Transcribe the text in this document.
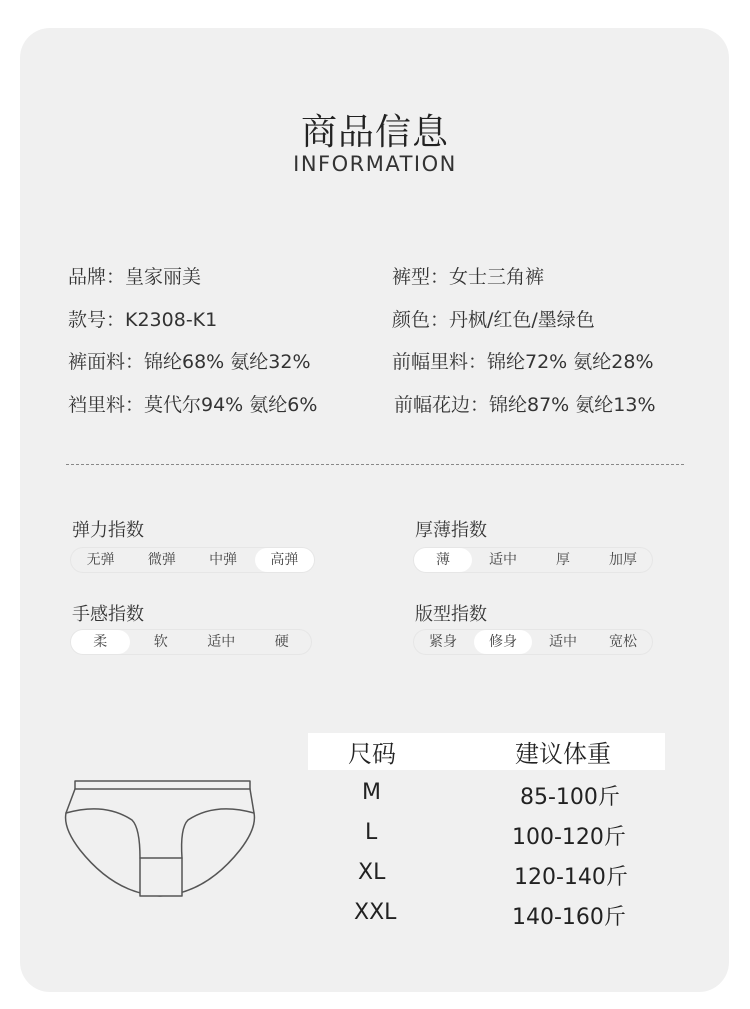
商品信息
INFORMATION
品牌：皇家丽美	裤型：女士三角裤
款号：K2308-K1	颜色：丹枫/红色/墨绿色
裤面料：锦纶68% 氨纶32%	前幅里料：锦纶72% 氨纶28%
裆里料：莫代尔94% 氨纶6%	前幅花边：锦纶87% 氨纶13%
弹力指数
无弹	微弹	中弹	高弹
厚薄指数
薄	适中	厚	加厚
手感指数
柔	软	适中	硬
版型指数
紧身	修身	适中	宽松
尺码	建议体重
M	85-100斤
L	100-120斤
XL	120-140斤
XXL	140-160斤
